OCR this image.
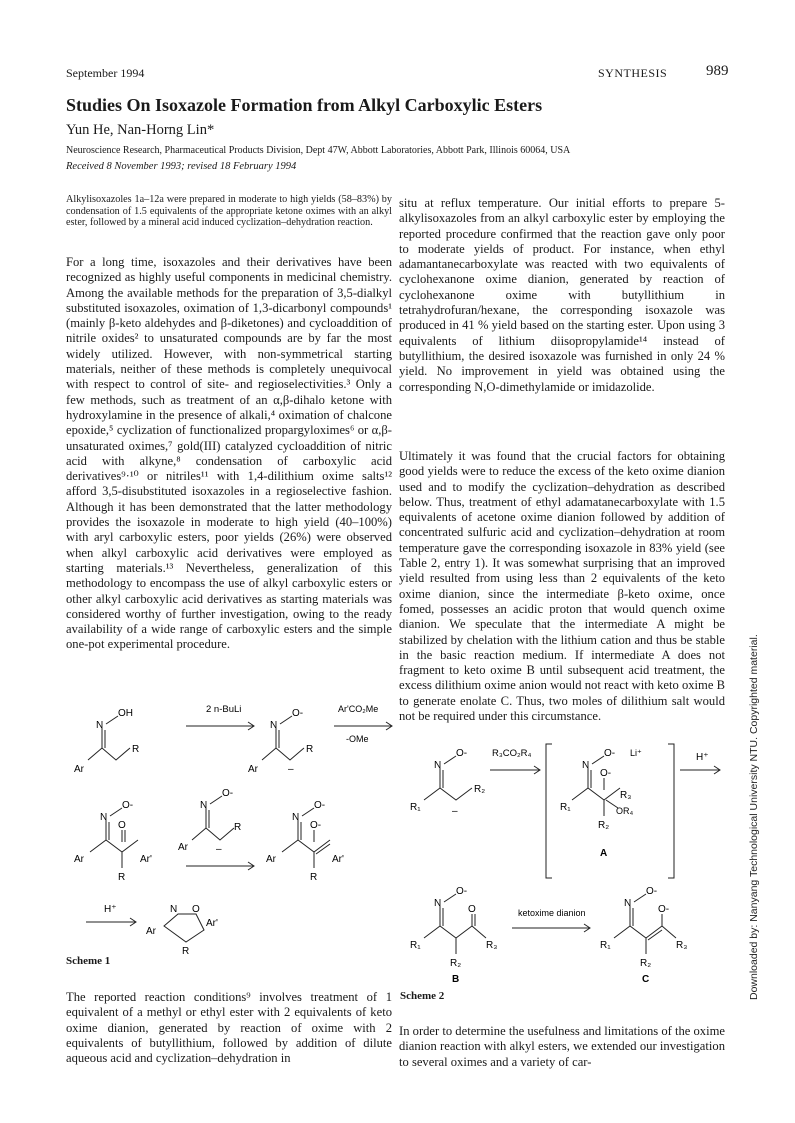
September 1994	SYNTHESIS	989
Studies On Isoxazole Formation from Alkyl Carboxylic Esters
Yun He, Nan-Horng Lin*
Neuroscience Research, Pharmaceutical Products Division, Dept 47W, Abbott Laboratories, Abbott Park, Illinois 60064, USA
Received 8 November 1993; revised 18 February 1994

Alkylisoxazoles 1a–12a were prepared in moderate to high yields (58–83%) by condensation of 1.5 equivalents of the appropriate ketone oximes with an alkyl ester, followed by a mineral acid induced cyclization–dehydration reaction.

For a long time, isoxazoles and their derivatives have been recognized as highly useful components in medicinal chemistry. Among the available methods for the preparation of 3,5-dialkyl substituted isoxazoles, oximation of 1,3-dicarbonyl compounds¹ (mainly β-keto aldehydes and β-diketones) and cycloaddition of nitrile oxides² to unsaturated compounds are by far the most widely utilized. However, with non-symmetrical starting materials, neither of these methods is completely unequivocal with respect to control of site- and regioselectivities.³ Only a few methods, such as treatment of an α,β-dihalo ketone with hydroxylamine in the presence of alkali,⁴ oximation of chalcone epoxide,⁵ cyclization of functionalized propargyloximes⁶ or α,β-unsaturated oximes,⁷ gold(III) catalyzed cycloaddition of nitric acid with alkyne,⁸ condensation of carboxylic acid derivatives⁹·¹⁰ or nitriles¹¹ with 1,4-dilithium oxime salts¹² afford 3,5-disubstituted isoxazoles in a regioselective fashion. Although it has been demonstrated that the latter methodology provides the isoxazole in moderate to high yield (40–100%) with aryl carboxylic esters, poor yields (26%) were observed when alkyl carboxylic acid derivatives were employed as starting materials.¹³ Nevertheless, generalization of this methodology to encompass the use of alkyl carboxylic esters or other alkyl carboxylic acid derivatives as starting materials was considered worthy of further investigation, owing to the ready availability of a wide range of carboxylic esters and the simple one-pot experimental procedure.

situ at reflux temperature. Our initial efforts to prepare 5-alkylisoxazoles from an alkyl carboxylic ester by employing the reported procedure confirmed that the reaction gave only poor to moderate yields of product. For instance, when ethyl adamantanecarboxylate was reacted with two equivalents of cyclohexanone oxime dianion, generated by reaction of cyclohexanone oxime with butyllithium in tetrahydrofuran/hexane, the corresponding isoxazole was produced in 41 % yield based on the starting ester. Upon using 3 equivalents of lithium diisopropylamide¹⁴ instead of butyllithium, the desired isoxazole was furnished in only 24 % yield. No improvement in yield was obtained using the corresponding N,O-dimethylamide or imidazolide.

Ultimately it was found that the crucial factors for obtaining good yields were to reduce the excess of the keto oxime dianion used and to modify the cyclization–dehydration as described below. Thus, treatment of ethyl adamatanecarboxylate with 1.5 equivalents of acetone oxime dianion followed by addition of concentrated sulfuric acid and cyclization–dehydration at room temperature gave the corresponding isoxazole in 83% yield (see Table 2, entry 1). It was somewhat surprising that an improved yield resulted from using less than 2 equivalents of the keto oxime dianion, since the intermediate β-keto oxime, once fomed, possesses an acidic proton that would quench oxime dianion. We speculate that the intermediate A might be stabilized by chelation with the lithium cation and thus be stable in the basic reaction medium. If intermediate A does not fragment to keto oxime B until subsequent acid treatment, the excess dilithium oxime anion would not react with keto oxime B to generate enolate C. Thus, two moles of dilithium salt would not be required under this circumstance.

N
OH
Ar
R
2 n-BuLi
N
O-
Ar
R
–
Ar'CO₂Me
-OMe
N
O-
O
Ar	Ar'
R
N
O-
Ar
R
–
N
O-
O-
Ar	Ar'
R
H⁺	N O
Ar
Ar'
R
Scheme 1
N
O-
R₁
R₂
–
R₃CO₂R₄
N
O- Li⁺
O-
R₁
R₃
OR₄
R₂
A
H⁺
N
O-
O
R₁	R₃
R₂
B
ketoxime dianion
N
O-
O-
R₁	R₃
R₂
C

The reported reaction conditions⁹ involves treatment of 1 equivalent of a methyl or ethyl ester with 2 equivalents of keto oxime dianion, generated by reaction of oxime with 2 equivalents of butyllithium, followed by addition of dilute aqueous acid and cyclization–dehydration in

Scheme 2

In order to determine the usefulness and limitations of the oxime dianion reaction with alkyl esters, we extended our investigation to several oximes and a variety of car-

Downloaded by: Nanyang Technological University NTU. Copyrighted material.
